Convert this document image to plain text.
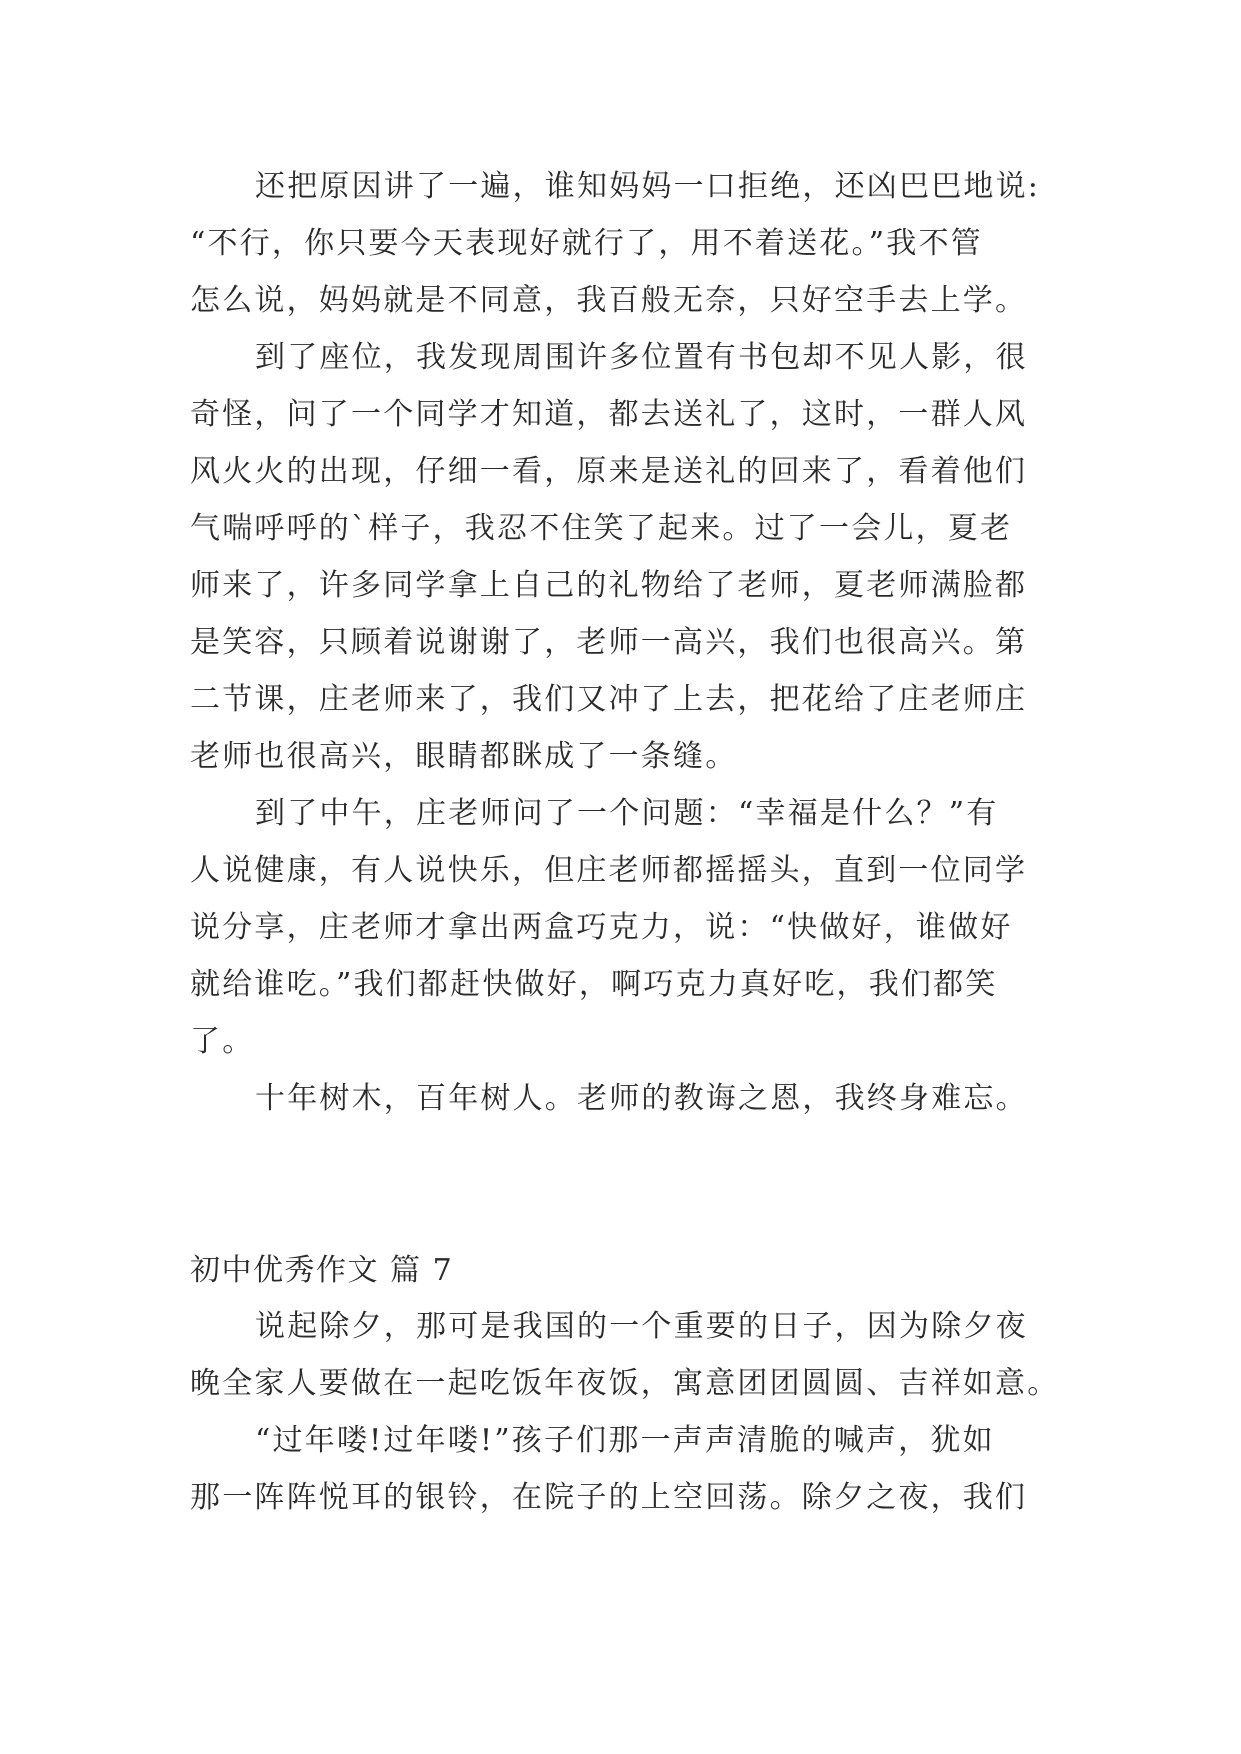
还把原因讲了一遍，谁知妈妈一口拒绝，还凶巴巴地说:
“不行，你只要今天表现好就行了，用不着送花。”我不管
怎么说，妈妈就是不同意，我百般无奈，只好空手去上学。
到了座位，我发现周围许多位置有书包却不见人影，很
奇怪，问了一个同学才知道，都去送礼了，这时，一群人风
风火火的出现，仔细一看，原来是送礼的回来了，看着他们
气喘呼呼的`样子，我忍不住笑了起来。过了一会儿，夏老
师来了，许多同学拿上自己的礼物给了老师，夏老师满脸都
是笑容，只顾着说谢谢了，老师一高兴，我们也很高兴。第
二节课，庄老师来了，我们又冲了上去，把花给了庄老师庄
老师也很高兴，眼睛都眯成了一条缝。
到了中午，庄老师问了一个问题：“幸福是什么？”有
人说健康，有人说快乐，但庄老师都摇摇头，直到一位同学
说分享，庄老师才拿出两盒巧克力，说：“快做好，谁做好
就给谁吃。”我们都赶快做好，啊巧克力真好吃，我们都笑
了。
十年树木，百年树人。老师的教诲之恩，我终身难忘。
初中优秀作文 篇 7
说起除夕，那可是我国的一个重要的日子，因为除夕夜
晚全家人要做在一起吃饭年夜饭，寓意团团圆圆、吉祥如意。
“过年喽!过年喽!”孩子们那一声声清脆的喊声，犹如
那一阵阵悦耳的银铃，在院子的上空回荡。除夕之夜，我们
